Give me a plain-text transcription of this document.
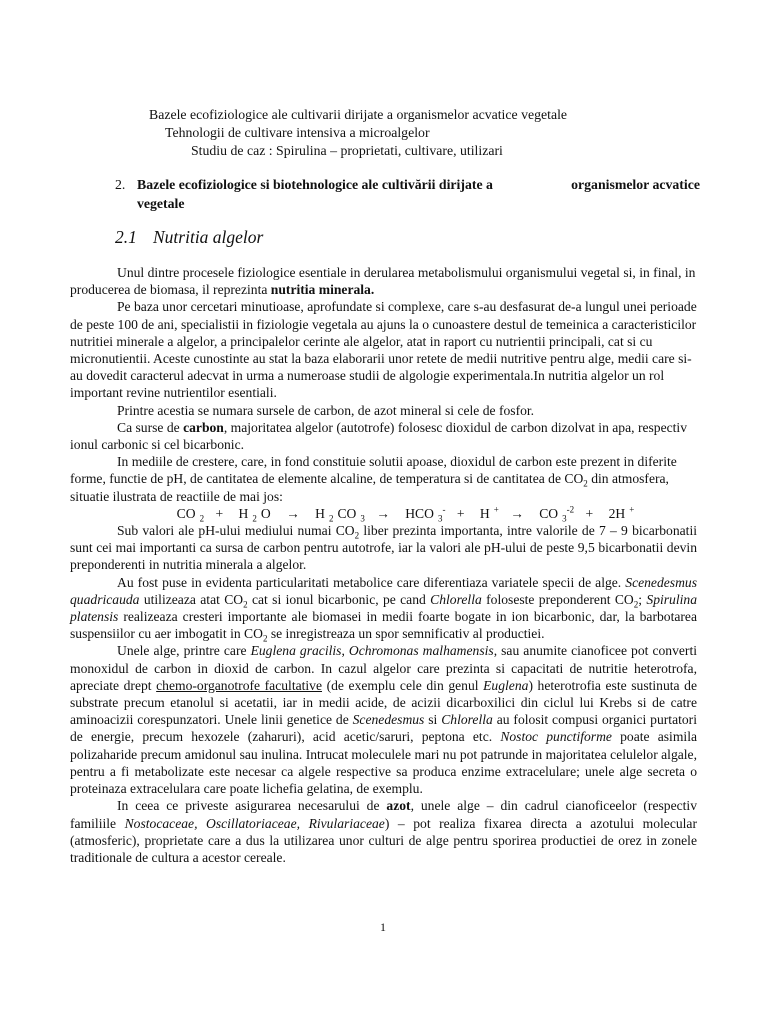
Bazele ecofiziologice ale cultivarii dirijate a organismelor acvatice vegetale
Tehnologii de cultivare intensiva a microalgelor
Studiu de caz : Spirulina – proprietati, cultivare, utilizari
2. Bazele ecofiziologice si biotehnologice ale cultivării dirijate a	organismelor acvatice
vegetale
2.1 Nutritia algelor

Unul dintre procesele fiziologice esentiale in derularea metabolismului organismului vegetal si, in final, in producerea de biomasa, il reprezinta nutritia minerala.

Pe baza unor cercetari minutioase, aprofundate si complexe, care s-au desfasurat de-a lungul unei perioade de peste 100 de ani, specialistii in fiziologie vegetala au ajuns la o cunoastere destul de temeinica a caracteristicilor nutritiei minerale a algelor, a principalelor cerinte ale algelor, atat in raport cu nutrientii principali, cat si cu micronutientii. Aceste cunostinte au stat la baza elaborarii unor retete de medii nutritive pentru alge, medii care si-au dovedit caracterul adecvat in urma a numeroase studii de algologie experimentala.In nutritia algelor un rol important revine nutrientilor esentiali.

Printre acestia se numara sursele de carbon, de azot mineral si cele de fosfor.

Ca surse de carbon, majoritatea algelor (autotrofe) folosesc dioxidul de carbon dizolvat in apa, respectiv ionul carbonic si cel bicarbonic.

In mediile de crestere, care, in fond constituie solutii apoase, dioxidul de carbon este prezent in diferite forme, functie de pH, de cantitatea de elemente alcaline, de temperatura si de cantitatea de $CO_2$ din atmosfera, situatie ilustrata de reactiile de mai jos:

CO $_2$ + H $_2$ O → H $_2$ CO $_3$ → HCO $_3$- + H + → CO $_3^{-2}$ + 2H +

Sub valori ale pH-ului mediului numai $CO_2$ liber prezinta importanta, intre valorile de 7 – 9 bicarbonatii sunt cei mai importanti ca sursa de carbon pentru autotrofe, iar la valori ale pH-ului de peste 9,5 bicarbonatii devin preponderenti in nutritia minerala a algelor.

Au fost puse in evidenta particularitati metabolice care diferentiaza variatele specii de alge. Scenedesmus quadricauda utilizeaza atat $CO_2$ cat si ionul bicarbonic, pe cand Chlorella foloseste preponderent $CO_2$; Spirulina platensis realizeaza cresteri importante ale biomasei in medii foarte bogate in ion bicarbonic, dar, la barbotarea suspensiilor cu aer imbogatit in $CO_2$ se inregistreaza un spor semnificativ al productiei.

Unele alge, printre care Euglena gracilis, Ochromonas malhamensis, sau anumite cianoficee pot converti monoxidul de carbon in dioxid de carbon. In cazul algelor care prezinta si capacitati de nutritie heterotrofa, apreciate drept chemo-organotrofe facultative (de exemplu cele din genul Euglena) heterotrofia este sustinuta de substrate precum etanolul si acetatii, iar in medii acide, de acizii dicarboxilici din ciclul lui Krebs si de catre aminoacizii corespunzatori. Unele linii genetice de Scenedesmus si Chlorella au folosit compusi organici purtatori de energie, precum hexozele (zaharuri), acid acetic/saruri, peptona etc. Nostoc punctiforme poate asimila polizaharide precum amidonul sau inulina. Intrucat moleculele mari nu pot patrunde in majoritatea celulelor algale, pentru a fi metabolizate este necesar ca algele respective sa produca enzime extracelulare; unele alge secreta o proteinaza extracelulara care poate lichefia gelatina, de exemplu.

In ceea ce priveste asigurarea necesarului de azot, unele alge – din cadrul cianoficeelor (respectiv familiile Nostocaceae, Oscillatoriaceae, Rivulariaceae) – pot realiza fixarea directa a azotului molecular (atmosferic), proprietate care a dus la utilizarea unor culturi de alge pentru sporirea productiei de orez in zonele traditionale de cultura a acestor cereale.

1
